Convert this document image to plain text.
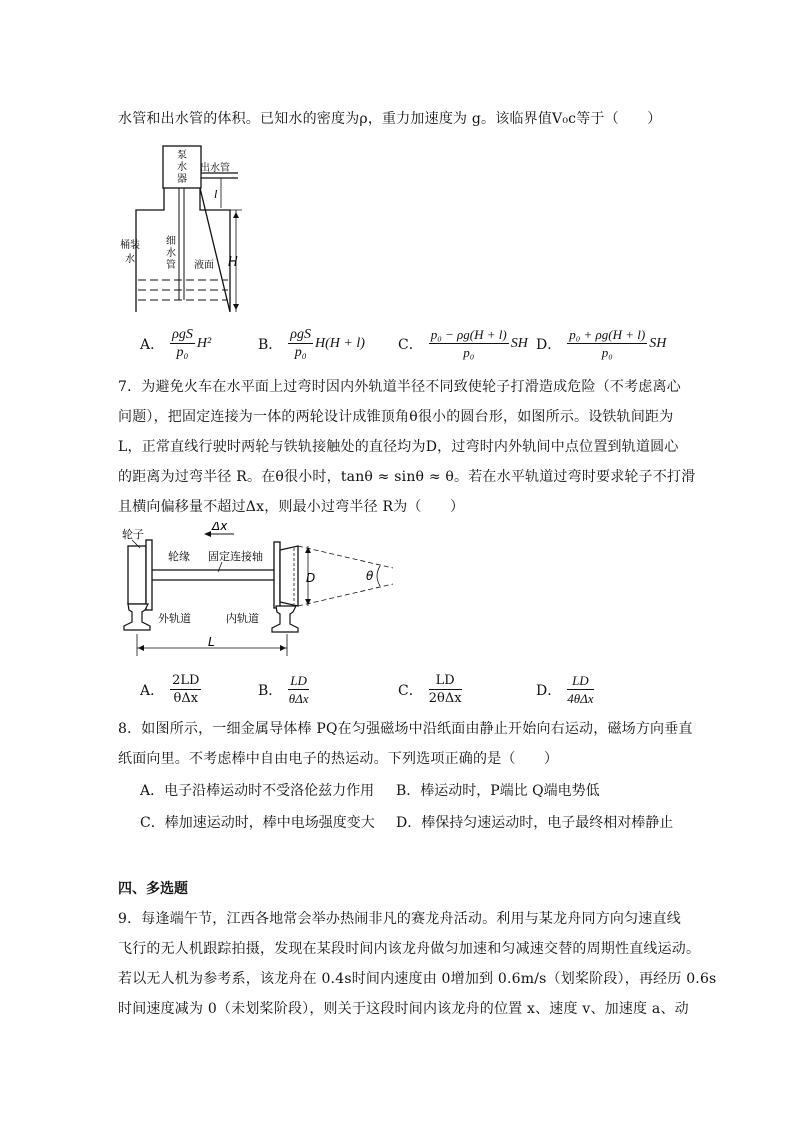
水管和出水管的体积。已知水的密度为ρ，重力加速度为 g。该临界值V₀c等于（　　）
泵
水
器
出水管
l
H
桶 装
水
细
水
管 液面
A． $\frac{\text{ρgS}}{\text{p₀}} H^2$	B． $\frac{\text{ρgS}}{\text{p₀}} H(H + l)$ C． $\frac{\text{p₀ − ρg(H + l)}}{\text{p₀}}$ SH D． $\frac{\text{p₀ + ρg(H + l)}}{\text{p₀}}$ SH
7．为避免火车在水平面上过弯时因内外轨道半径不同致使轮子打滑造成危险（不考虑离心
问题），把固定连接为一体的两轮设计成锥顶角θ很小的圆台形，如图所示。设铁轨间距为
L，正常直线行驶时两轮与铁轨接触处的直径均为D，过弯时内外轨间中点位置到轨道圆心
的距离为过弯半径 R。在θ很小时，tanθ ≈ sinθ ≈ θ。若在水平轨道过弯时要求轮子不打滑
且横向偏移量不超过Δx，则最小过弯半径 R为（　　）
轮子
轮缘 固定连接轴
Δx
D	θ
外轨道	内轨道
L
A． $\frac{2LD}{\text{θΔx}}$	B． $\frac{LD}{\text{θΔx}}$	C． $\frac{LD}{\text{2θΔx}}$	D． $\frac{LD}{\text{4θΔx}}$
8．如图所示，一细金属导体棒 PQ在匀强磁场中沿纸面由静止开始向右运动，磁场方向垂直
纸面向里。不考虑棒中自由电子的热运动。下列选项正确的是（　　）
A．电子沿棒运动时不受洛伦兹力作用 B．棒运动时，P端比 Q端电势低
C．棒加速运动时，棒中电场强度变大 D．棒保持匀速运动时，电子最终相对棒静止
四、多选题
9．每逢端午节，江西各地常会举办热闹非凡的赛龙舟活动。利用与某龙舟同方向匀速直线
飞行的无人机跟踪拍摄，发现在某段时间内该龙舟做匀加速和匀减速交替的周期性直线运动。
若以无人机为参考系，该龙舟在 0.4s时间内速度由 0增加到 0.6m/s（划桨阶段），再经历 0.6s
时间速度减为 0（未划桨阶段），则关于这段时间内该龙舟的位置 x、速度 v、加速度 a、动
